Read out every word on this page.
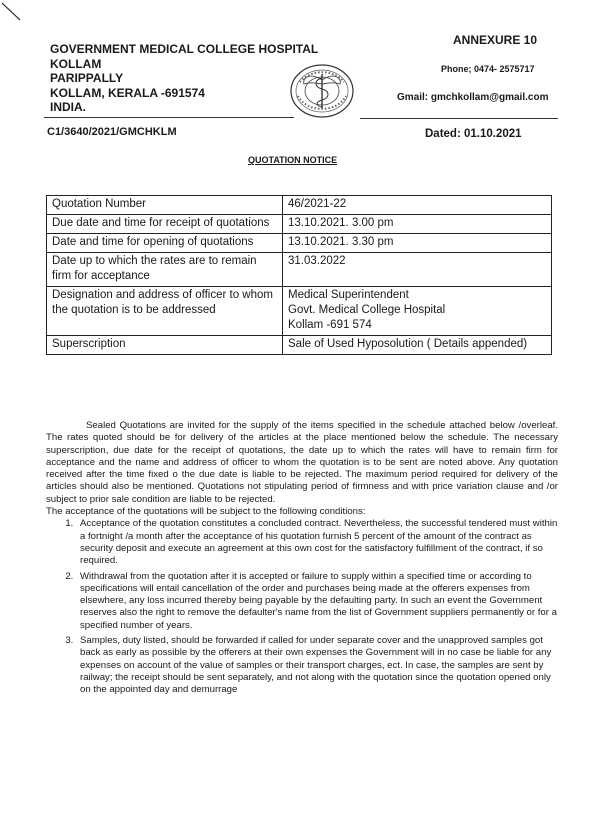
GOVERNMENT MEDICAL COLLEGE HOSPITAL
KOLLAM
PARIPPALLY
KOLLAM, KERALA -691574
INDIA.
ANNEXURE 10
Phone; 0474- 2575717
Gmail: gmchkollam@gmail.com
C1/3640/2021/GMCHKLM	Dated: 01.10.2021
QUOTATION NOTICE
Quotation Number	46/2021-22

Due date and time for receipt of quotations	13.10.2021. 3.00 pm

Date and time for opening of quotations	13.10.2021. 3.30 pm

Date up to which the rates are to remain firm for acceptance	31.03.2022

Designation and address of officer to whom the quotation is to be addressed	Medical Superintendent
Govt. Medical College Hospital
Kollam -691 574

Superscription	Sale of Used Hyposolution ( Details appended)

Sealed Quotations are invited for the supply of the items specified in the schedule attached below /overleaf. The rates quoted should be for delivery of the articles at the place mentioned below the schedule. The necessary superscription, due date for the receipt of quotations, the date up to which the rates will have to remain firm for acceptance and the name and address of officer to whom the quotation is to be sent are noted above. Any quotation received after the time fixed o the due date is liable to be rejected. The maximum period required for delivery of the articles should also be mentioned. Quotations not stipulating period of firmness and with price variation clause and /or subject to prior sale condition are liable to be rejected.

The acceptance of the quotations will be subject to the following conditions:

1. Acceptance of the quotation constitutes a concluded contract. Nevertheless, the successful tendered must within a fortnight /a month after the acceptance of his quotation furnish 5 percent of the amount of the contract as security deposit and execute an agreement at this own cost for the satisfactory fulfillment of the contract, if so required.
2. Withdrawal from the quotation after it is accepted or failure to supply within a specified time or according to specifications will entail cancellation of the order and purchases being made at the offerers expenses from elsewhere, any loss incurred thereby being payable by the defaulting party. In such an event the Government reserves also the right to remove the defaulter's name from the list of Government suppliers permanently or for a specified number of years.
3. Samples, duty listed, should be forwarded if called for under separate cover and the unapproved samples got back as early as possible by the offerers at their own expenses the Government will in no case be liable for any expenses on account of the value of samples or their transport charges, ect. In case, the samples are sent by railway; the receipt should be sent separately, and not along with the quotation since the quotation opened only on the appointed day and demurrage
